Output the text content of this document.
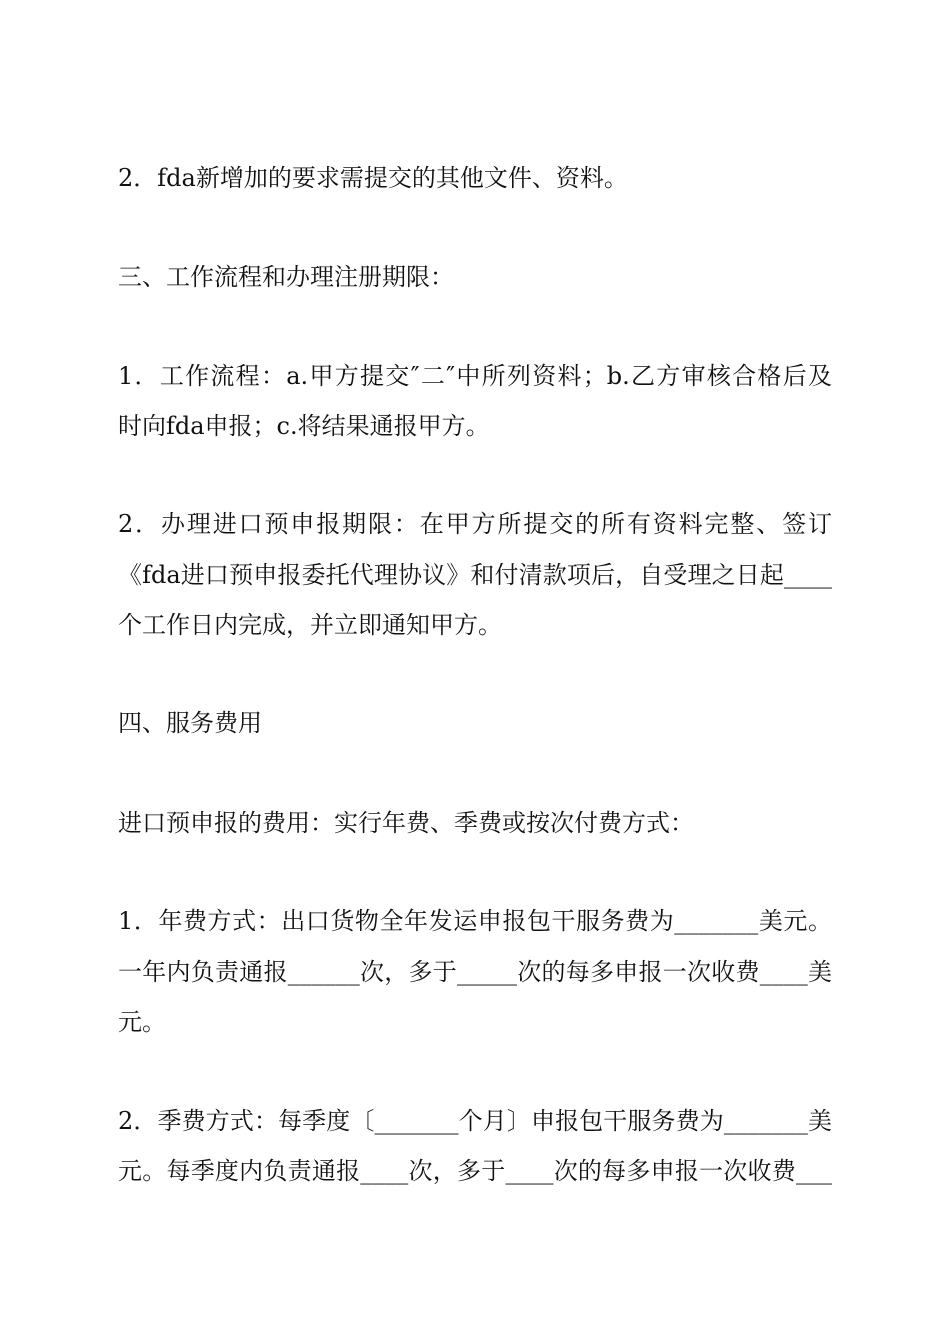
2．fda新增加的要求需提交的其他文件、资料。
三、工作流程和办理注册期限：
1．工作流程：a.甲方提交″二″中所列资料；b.乙方审核合格后及
时向fda申报；c.将结果通报甲方。
2．办理进口预申报期限：在甲方所提交的所有资料完整、签订
《fda进口预申报委托代理协议》和付清款项后，自受理之日起____
个工作日内完成，并立即通知甲方。
四、服务费用
进口预申报的费用：实行年费、季费或按次付费方式：
1．年费方式：出口货物全年发运申报包干服务费为_______美元。
一年内负责通报______次，多于_____次的每多申报一次收费____美
元。
2．季费方式：每季度〔_______个月〕申报包干服务费为_______美
元。每季度内负责通报____次，多于____次的每多申报一次收费___
